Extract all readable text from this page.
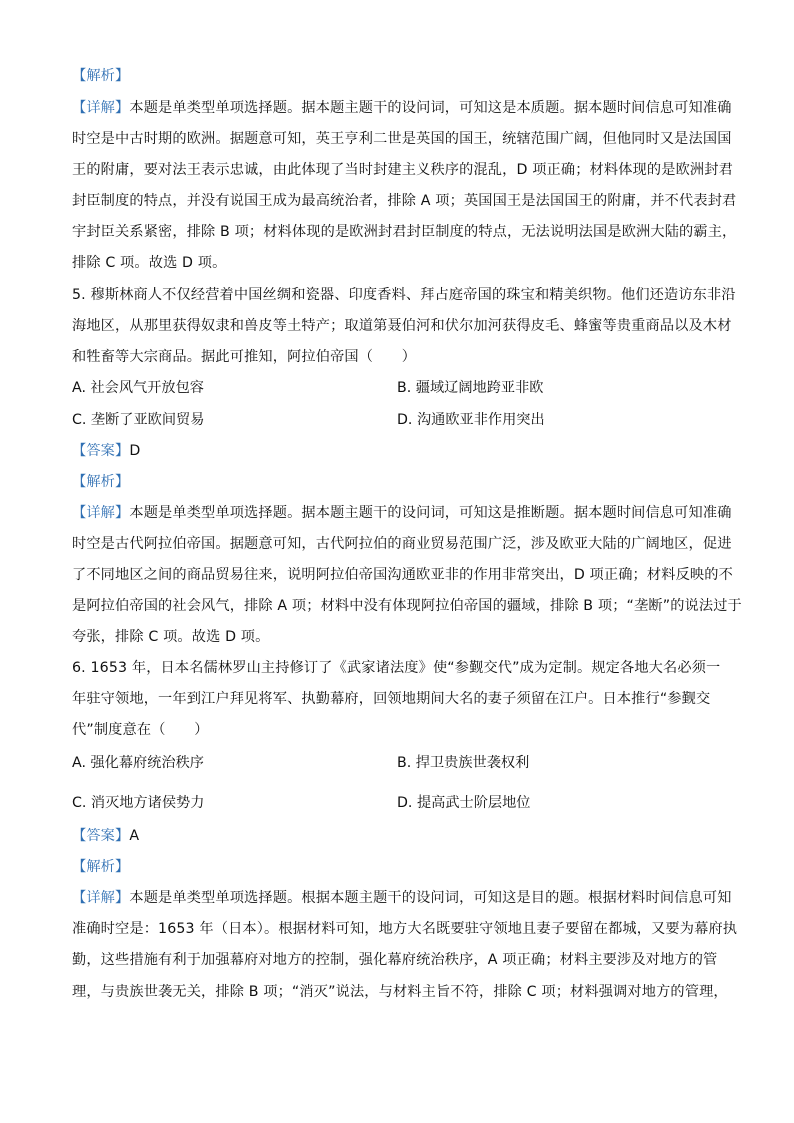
【解析】
【详解】本题是单类型单项选择题。据本题主题干的设问词，可知这是本质题。据本题时间信息可知准确
时空是中古时期的欧洲。据题意可知，英王亨利二世是英国的国王，统辖范围广阔，但他同时又是法国国
王的附庸，要对法王表示忠诚，由此体现了当时封建主义秩序的混乱，D 项正确；材料体现的是欧洲封君
封臣制度的特点，并没有说国王成为最高统治者，排除 A 项；英国国王是法国国王的附庸，并不代表封君
宇封臣关系紧密，排除 B 项；材料体现的是欧洲封君封臣制度的特点，无法说明法国是欧洲大陆的霸主，
排除 C 项。故选 D 项。
5. 穆斯林商人不仅经营着中国丝绸和瓷器、印度香料、拜占庭帝国的珠宝和精美织物。他们还造访东非沿
海地区，从那里获得奴隶和兽皮等土特产；取道第聂伯河和伏尔加河获得皮毛、蜂蜜等贵重商品以及木材
和牲畜等大宗商品。据此可推知，阿拉伯帝国（　　）
A. 社会风气开放包容	B. 疆域辽阔地跨亚非欧
C. 垄断了亚欧间贸易	D. 沟通欧亚非作用突出
【答案】D
【解析】
【详解】本题是单类型单项选择题。据本题主题干的设问词，可知这是推断题。据本题时间信息可知准确
时空是古代阿拉伯帝国。据题意可知，古代阿拉伯的商业贸易范围广泛，涉及欧亚大陆的广阔地区，促进
了不同地区之间的商品贸易往来，说明阿拉伯帝国沟通欧亚非的作用非常突出，D 项正确；材料反映的不
是阿拉伯帝国的社会风气，排除 A 项；材料中没有体现阿拉伯帝国的疆域，排除 B 项；“垄断”的说法过于
夸张，排除 C 项。故选 D 项。
6. 1653 年，日本名儒林罗山主持修订了《武家诸法度》使“参觐交代”成为定制。规定各地大名必须一
年驻守领地，一年到江户拜见将军、执勤幕府，回领地期间大名的妻子须留在江户。日本推行“参觐交
代”制度意在（　　）
A. 强化幕府统治秩序	B. 捍卫贵族世袭权利
C. 消灭地方诸侯势力	D. 提高武士阶层地位
【答案】A
【解析】
【详解】本题是单类型单项选择题。根据本题主题干的设问词，可知这是目的题。根据材料时间信息可知
准确时空是：1653 年（日本）。根据材料可知，地方大名既要驻守领地且妻子要留在都城，又要为幕府执
勤，这些措施有利于加强幕府对地方的控制，强化幕府统治秩序，A 项正确；材料主要涉及对地方的管
理，与贵族世袭无关，排除 B 项；“消灭”说法，与材料主旨不符，排除 C 项；材料强调对地方的管理，
